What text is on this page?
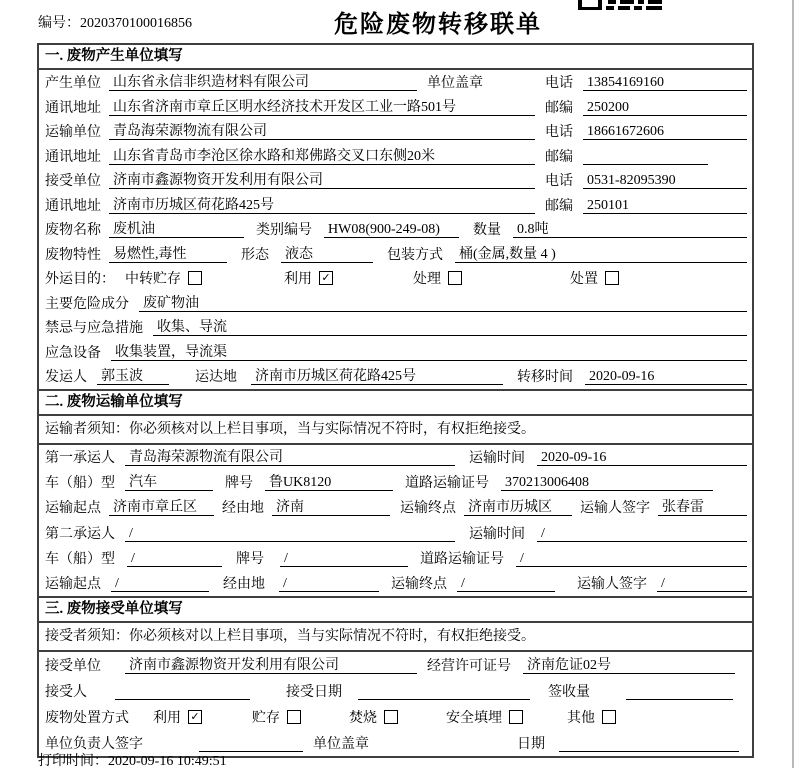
编号：2020370100016856	危险废物转移联单
一. 废物产生单位填写
产生单位 山东省永信非织造材料有限公司	单位盖章	电话 13854169160
通讯地址 山东省济南市章丘区明水经济技术开发区工业一路501号	邮编 250200
运输单位 青岛海荣源物流有限公司	电话 18661672606
通讯地址 山东省青岛市李沧区徐水路和郑佛路交叉口东侧20米	邮编
接受单位 济南市鑫源物资开发利用有限公司	电话 0531-82095390
通讯地址 济南市历城区荷花路425号	邮编 250101
废物名称 废机油	类别编号 HW08(900-249-08)	数量 0.8吨
废物特性 易燃性,毒性	形态 液态	包装方式 桶(金属,数量 4 )
外运目的： 中转贮存	利用 ✓	处理	处置
主要危险成分 废矿物油
禁忌与应急措施 收集、导流
应急设备 收集装置，导流渠
发运人 郭玉波	运达地 济南市历城区荷花路425号	转移时间 2020-09-16
二. 废物运输单位填写
运输者须知：你必须核对以上栏目事项，当与实际情况不符时，有权拒绝接受。
第一承运人 青岛海荣源物流有限公司	运输时间 2020-09-16
车（船）型 汽车	牌号 鲁UK8120	道路运输证号 370213006408
运输起点 济南市章丘区	经由地 济南	运输终点 济南市历城区	运输人签字 张春雷
第二承运人 /	运输时间 /
车（船）型 /	牌号 /	道路运输证号 /
运输起点 /	经由地 /	运输终点 /	运输人签字 /
三. 废物接受单位填写
接受者须知：你必须核对以上栏目事项，当与实际情况不符时，有权拒绝接受。
接受单位 济南市鑫源物资开发利用有限公司	经营许可证号 济南危证02号
接受人	接受日期	签收量
废物处置方式 利用 ✓	贮存	焚烧	安全填埋	其他
单位负责人签字	单位盖章	日期
打印时间：2020-09-16 10:49:51
